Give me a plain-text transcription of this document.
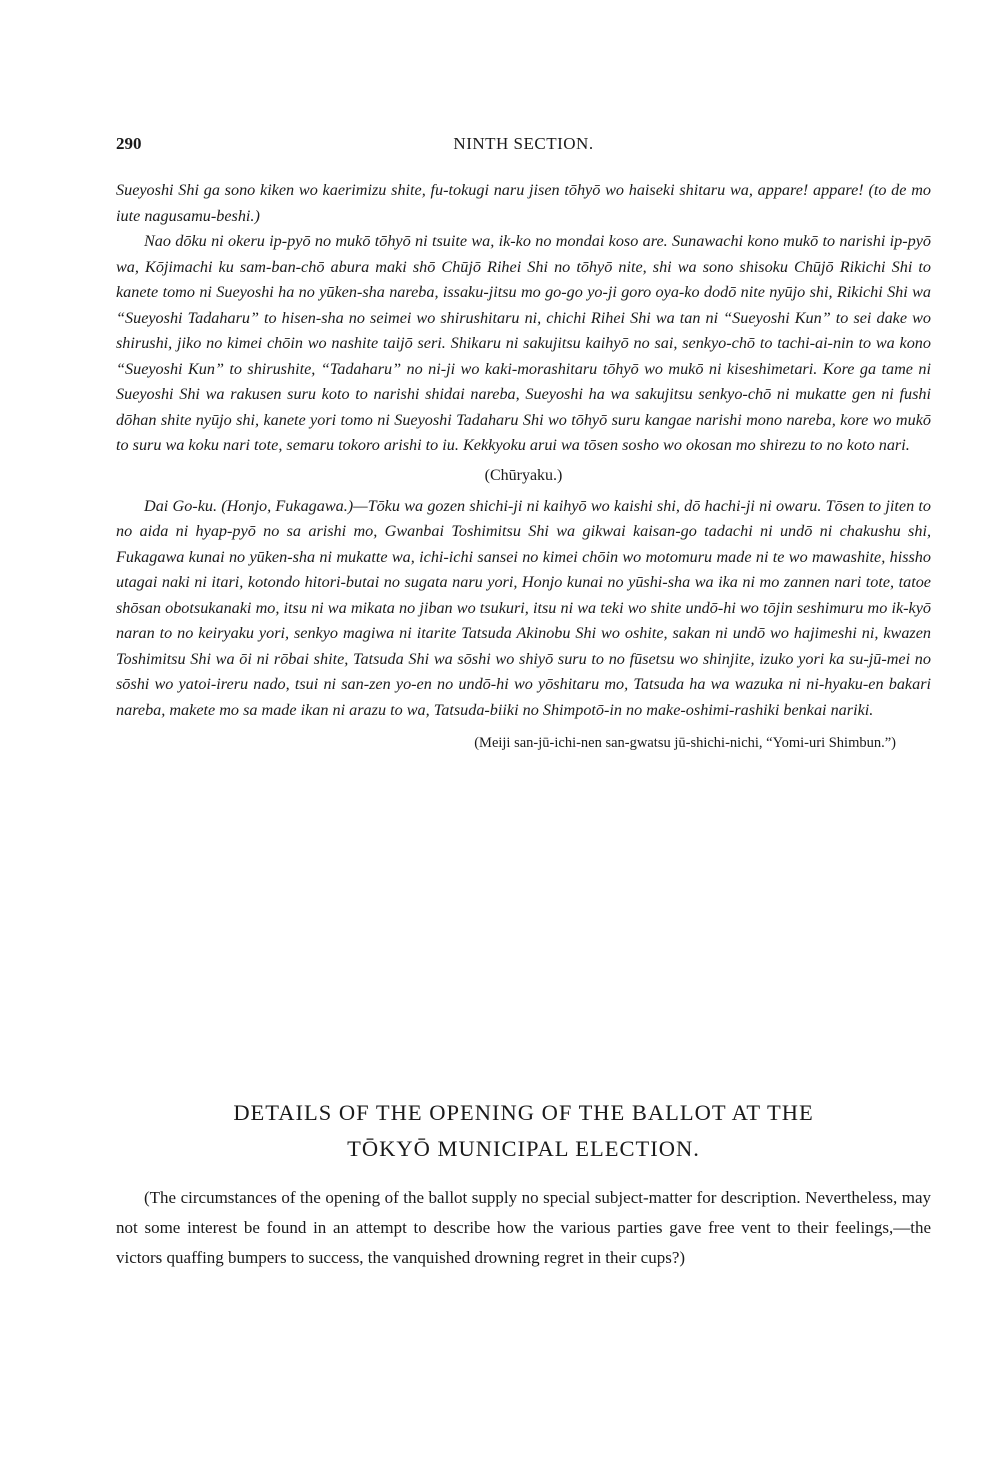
290	NINTH SECTION.

Sueyoshi Shi ga sono kiken wo kaerimizu shite, fu-tokugi naru jisen tōhyō wo haiseki shitaru wa, appare! appare! (to de mo iute nagusamu-beshi.)

Nao dōku ni okeru ip-pyō no mukō tōhyō ni tsuite wa, ik-ko no mondai koso are. Sunawachi kono mukō to narishi ip-pyō wa, Kōjimachi ku sam-ban-chō abura maki shō Chūjō Rihei Shi no tōhyō nite, shi wa sono shisoku Chūjō Rikichi Shi to kanete tomo ni Sueyoshi ha no yūken-sha nareba, issaku-jitsu mo go-go yo-ji goro oya-ko dodō nite nyūjo shi, Rikichi Shi wa “Sueyoshi Tadaharu” to hisen-sha no seimei wo shirushitaru ni, chichi Rihei Shi wa tan ni “Sueyoshi Kun” to sei dake wo shirushi, jiko no kimei chōin wo nashite taijō seri. Shikaru ni sakujitsu kaihyō no sai, senkyo-chō to tachi-ai-nin to wa kono “Sueyoshi Kun” to shirushite, “Tadaharu” no ni-ji wo kaki-morashitaru tōhyō wo mukō ni kiseshimetari. Kore ga tame ni Sueyoshi Shi wa rakusen suru koto to narishi shidai nareba, Sueyoshi ha wa sakujitsu senkyo-chō ni mukatte gen ni fushi dōhan shite nyūjo shi, kanete yori tomo ni Sueyoshi Tadaharu Shi wo tōhyō suru kangae narishi mono nareba, kore wo mukō to suru wa koku nari tote, semaru tokoro arishi to iu. Kekkyoku arui wa tōsen sosho wo okosan mo shirezu to no koto nari.

(Chūryaku.)

Dai Go-ku. (Honjo, Fukagawa.)—Tōku wa gozen shichi-ji ni kaihyō wo kaishi shi, dō hachi-ji ni owaru. Tōsen to jiten to no aida ni hyap-pyō no sa arishi mo, Gwanbai Toshimitsu Shi wa gikwai kaisan-go tadachi ni undō ni chakushu shi, Fukagawa kunai no yūken-sha ni mukatte wa, ichi-ichi sansei no kimei chōin wo motomuru made ni te wo mawashite, hissho utagai naki ni itari, kotondo hitori-butai no sugata naru yori, Honjo kunai no yūshi-sha wa ika ni mo zannen nari tote, tatoe shōsan obotsukanaki mo, itsu ni wa mikata no jiban wo tsukuri, itsu ni wa teki wo shite undō-hi wo tōjin seshimuru mo ik-kyō naran to no keiryaku yori, senkyo magiwa ni itarite Tatsuda Akinobu Shi wo oshite, sakan ni undō wo hajimeshi ni, kwazen Toshimitsu Shi wa ōi ni rōbai shite, Tatsuda Shi wa sōshi wo shiyō suru to no fūsetsu wo shinjite, izuko yori ka su-jū-mei no sōshi wo yatoi-ireru nado, tsui ni san-zen yo-en no undō-hi wo yōshitaru mo, Tatsuda ha wa wazuka ni ni-hyaku-en bakari nareba, makete mo sa made ikan ni arazu to wa, Tatsuda-biiki no Shimpotō-in no make-oshimi-rashiki benkai nariki.

(Meiji san-jū-ichi-nen san-gwatsu jū-shichi-nichi, “Yomi-uri Shimbun.”)
DETAILS OF THE OPENING OF THE BALLOT AT THE
TŌKYŌ MUNICIPAL ELECTION.

(The circumstances of the opening of the ballot supply no special subject-matter for description. Nevertheless, may not some interest be found in an attempt to describe how the various parties gave free vent to their feelings,—the victors quaffing bumpers to success, the vanquished drowning regret in their cups?)
